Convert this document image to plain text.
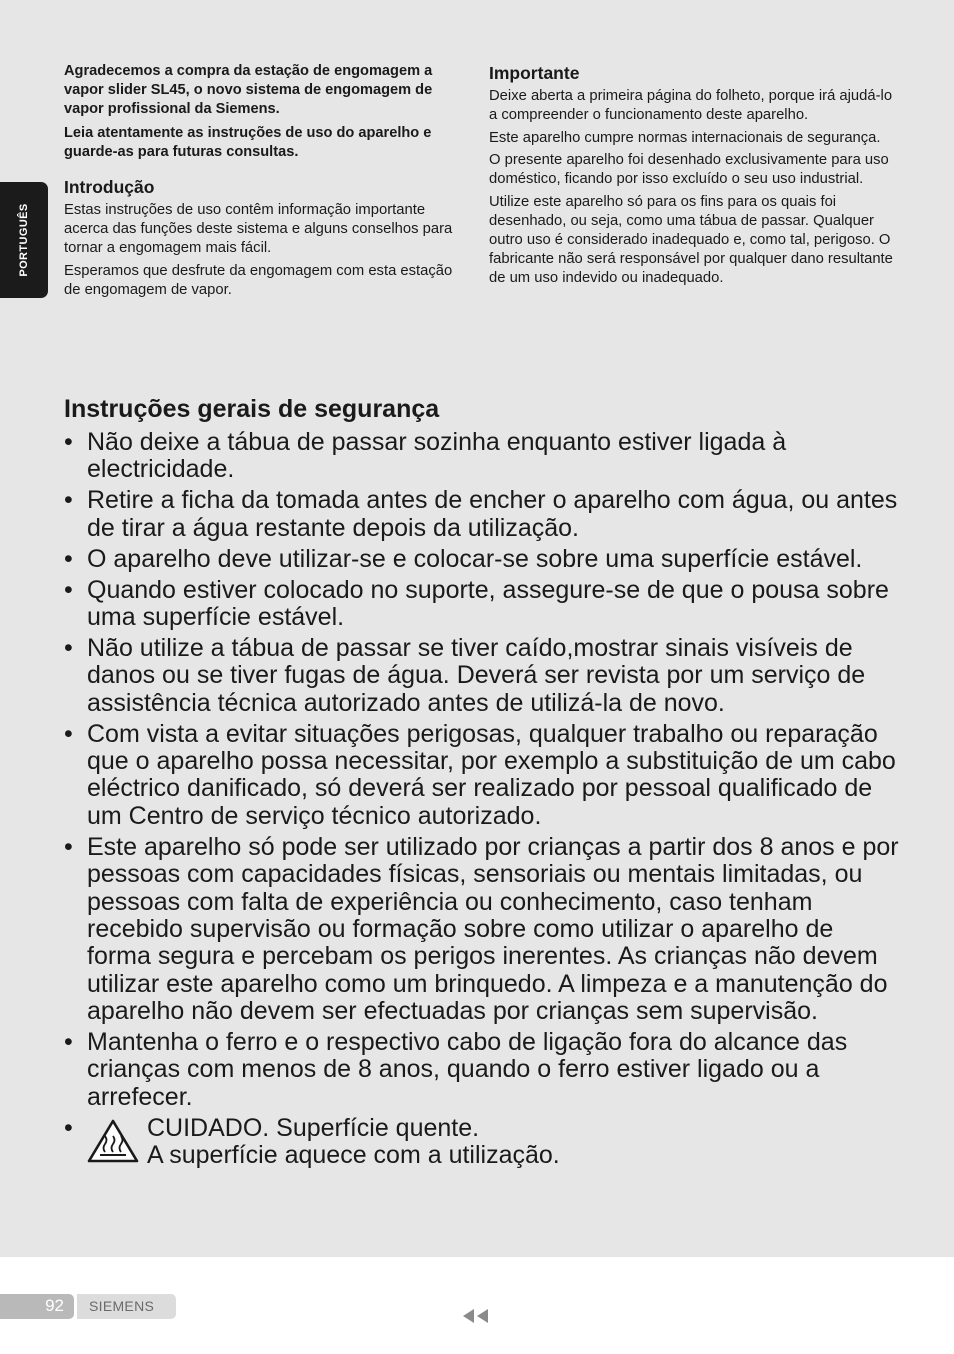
PORTUGUÊS

Agradecemos a compra da estação de engomagem a vapor slider SL45, o novo sistema de engomagem de vapor profissional da Siemens.

Leia atentamente as instruções de uso do aparelho e guarde-as para futuras consultas.

Introdução

Estas instruções de uso contêm informação importante acerca das funções deste sistema e alguns conselhos para tornar a engomagem mais fácil.

Esperamos que desfrute da engomagem com esta estação de engomagem de vapor.

Importante

Deixe aberta a primeira página do folheto, porque irá ajudá-lo a compreender o funcionamento deste aparelho.

Este aparelho cumpre normas internacionais de segurança.

O presente aparelho foi desenhado exclusivamente para uso doméstico, ficando por isso excluído o seu uso industrial.

Utilize este aparelho só para os fins para os quais foi desenhado, ou seja, como uma tábua de passar. Qualquer outro uso é considerado inadequado e, como tal, perigoso. O fabricante não será responsável por qualquer dano resultante de um uso indevido ou inadequado.

Instruções gerais de segurança
• Não deixe a tábua de passar sozinha enquanto estiver ligada à electricidade.
• Retire a ficha da tomada antes de encher o aparelho com água, ou antes de tirar a água restante depois da utilização.
• O aparelho deve utilizar-se e colocar-se sobre uma superfície estável.
• Quando estiver colocado no suporte, assegure-se de que o pousa sobre uma superfície estável.
• Não utilize a tábua de passar se tiver caído,mostrar sinais visíveis de danos ou se tiver fugas de água. Deverá ser revista por um serviço de assistência técnica autorizado antes de utilizá-la de novo.
• Com vista a evitar situações perigosas, qualquer trabalho ou reparação que o aparelho possa necessitar, por exemplo a substituição de um cabo eléctrico danificado, só deverá ser realizado por pessoal qualificado de um Centro de serviço técnico autorizado.
• Este aparelho só pode ser utilizado por crianças a partir dos 8 anos e por pessoas com capacidades físicas, sensoriais ou mentais limitadas, ou pessoas com falta de experiência ou conhecimento, caso tenham recebido supervisão ou formação sobre como utilizar o aparelho de forma segura e percebam os perigos inerentes. As crianças não devem utilizar este aparelho como um brinquedo. A limpeza e a manutenção do aparelho não devem ser efectuadas por crianças sem supervisão.
• Mantenha o ferro e o respectivo cabo de ligação fora do alcance das crianças com menos de 8 anos, quando o ferro estiver ligado ou a arrefecer.
•	CUIDADO. Superfície quente.
A superfície aquece com a utilização.
92 SIEMENS
